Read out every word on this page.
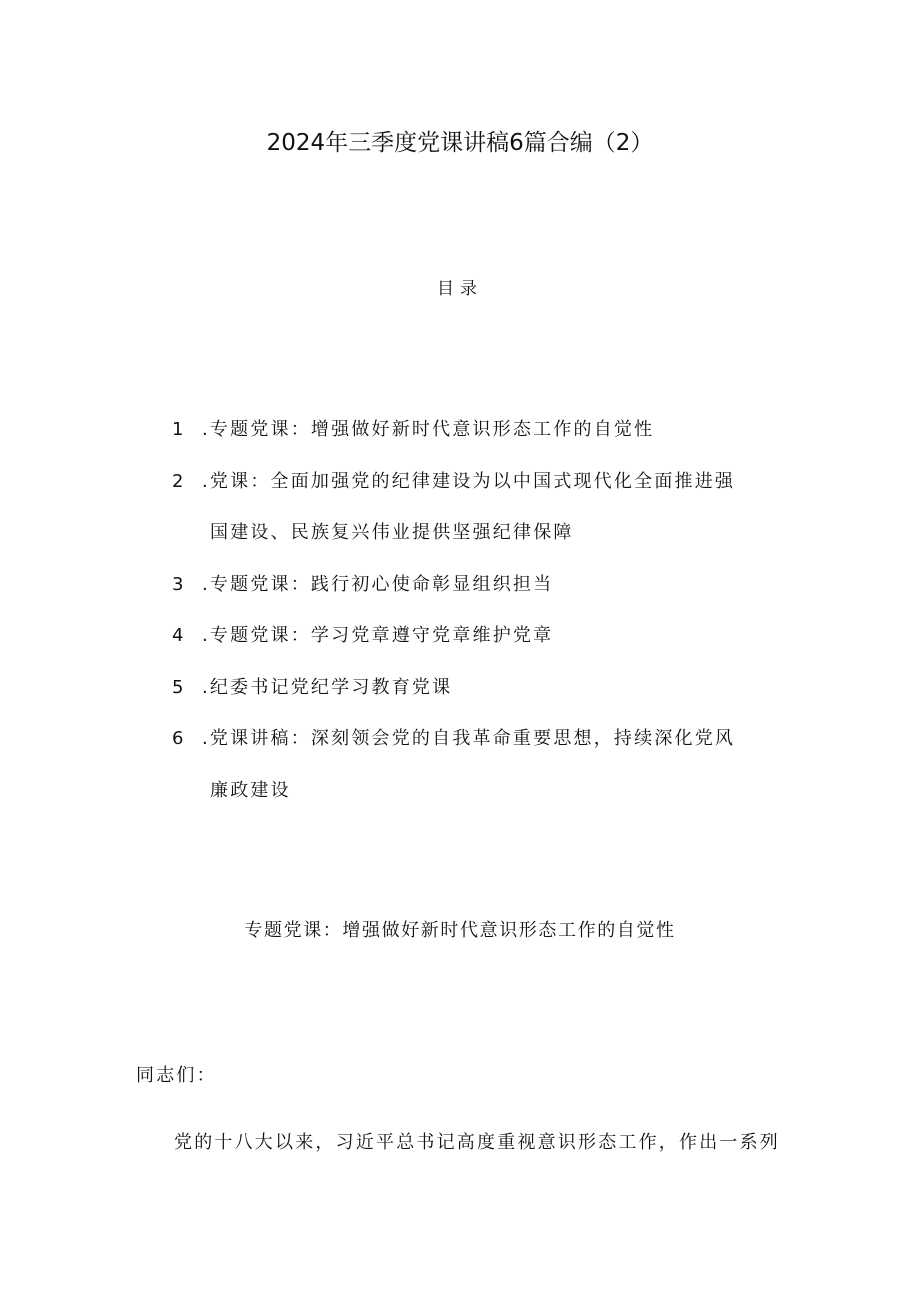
2024年三季度党课讲稿6篇合编（2）
目录
1 .专题党课：增强做好新时代意识形态工作的自觉性
2 .党课：全面加强党的纪律建设为以中国式现代化全面推进强
国建设、民族复兴伟业提供坚强纪律保障
3 .专题党课：践行初心使命彰显组织担当
4 .专题党课：学习党章遵守党章维护党章
5 .纪委书记党纪学习教育党课
6 .党课讲稿：深刻领会党的自我革命重要思想，持续深化党风
廉政建设
专题党课：增强做好新时代意识形态工作的自觉性
同志们：
党的十八大以来，习近平总书记高度重视意识形态工作，作出一系列
